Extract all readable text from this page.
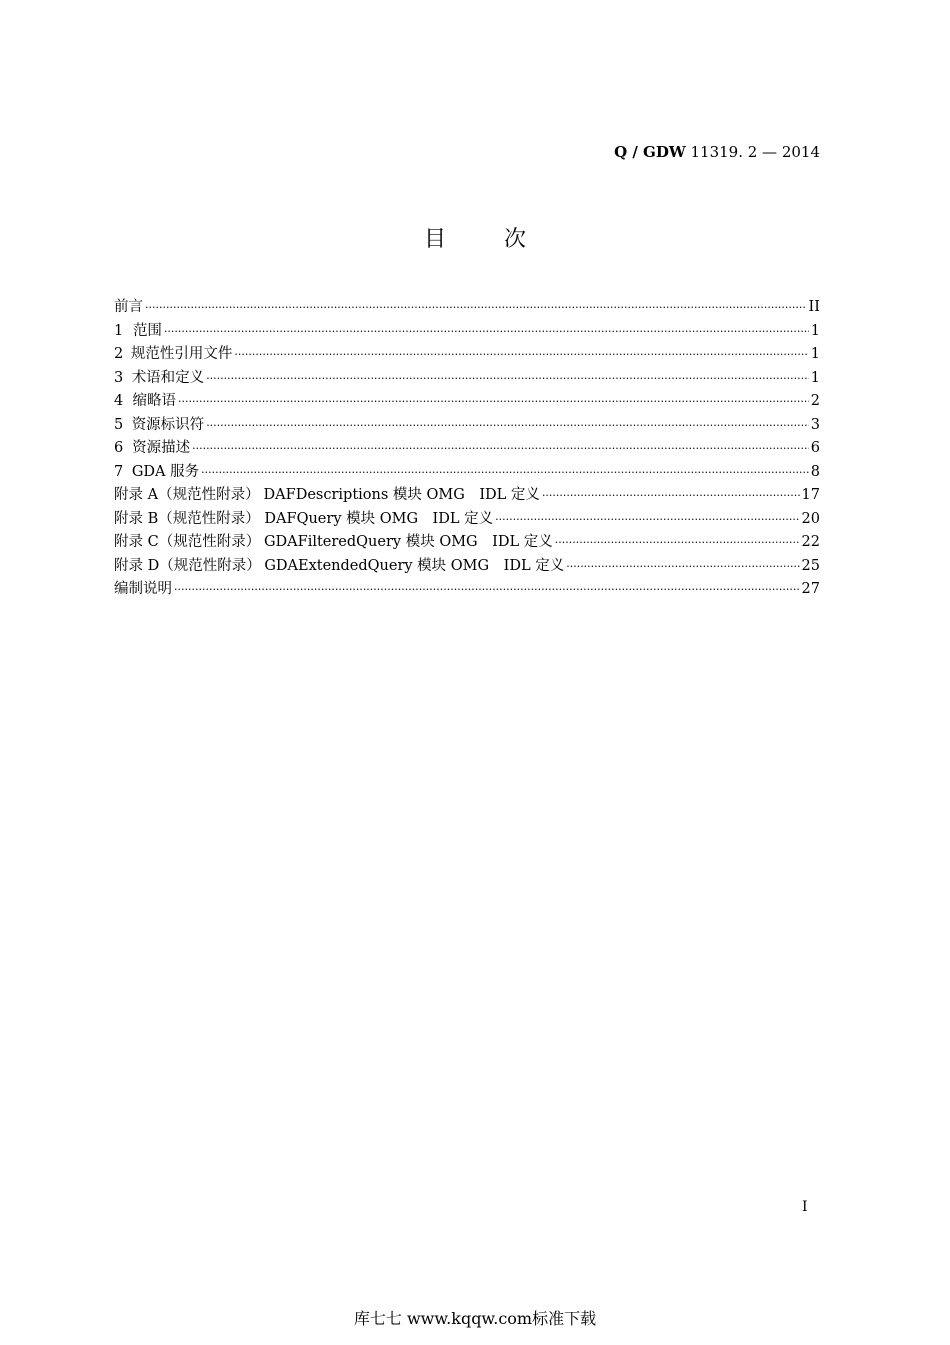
Q / GDW 11319. 2 — 2014
目次
前言 ·····	II
1 范围 ·····	1
2 规范性引用文件 ·····	1
3 术语和定义 ·····	1
4 缩略语 ·····	2
5 资源标识符 ·····	3
6 资源描述 ·····	6
7 GDA 服务 ·····	8
附录 A（规范性附录） DAFDescriptions 模块 OMG　IDL 定义 ·····	17
附录 B（规范性附录） DAFQuery 模块 OMG　IDL 定义 ·····	20
附录 C（规范性附录） GDAFilteredQuery 模块 OMG　IDL 定义 ·····	22
附录 D（规范性附录） GDAExtendedQuery 模块 OMG　IDL 定义 ·····	25
编制说明 ·····	27
I
库七七 www.kqqw.com标准下载
